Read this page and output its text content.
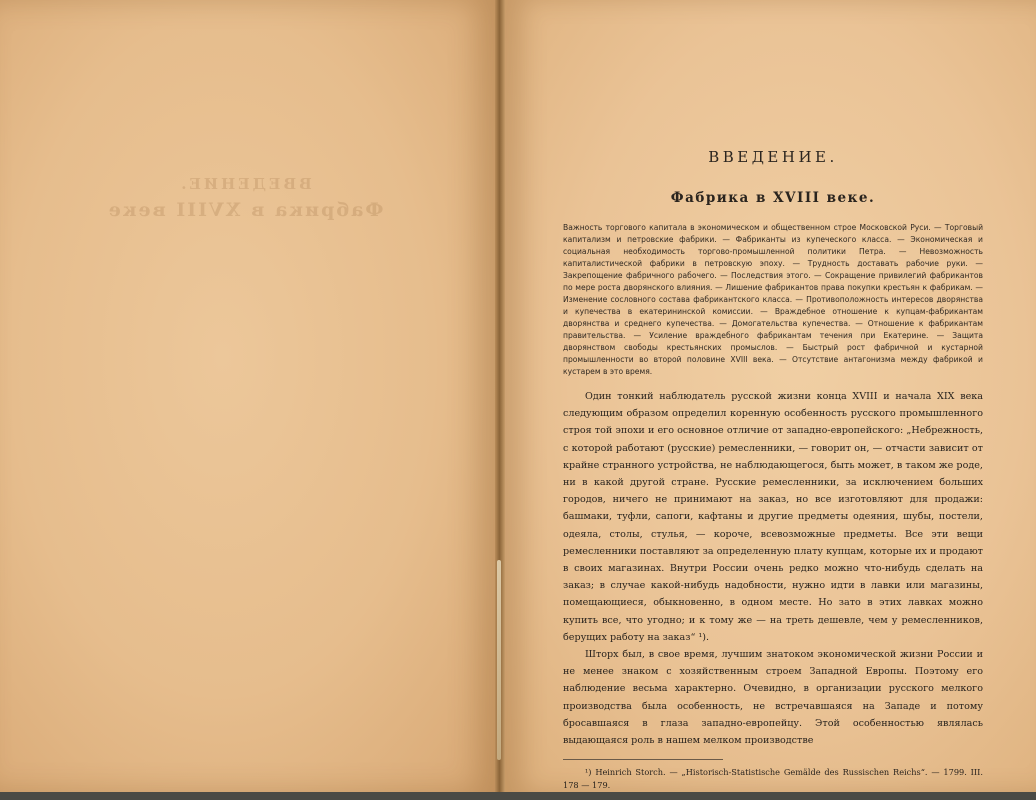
ВВЕДЕНИЕ.
Фабрика в XVIII веке
ВВЕДЕНИЕ.
Фабрика в XVIII веке.

Важность торгового капитала в экономическом и общественном строе Московской Руси. — Торговый капитализм и петровские фабрики. — Фабриканты из купеческого класса. — Экономическая и социальная необходимость торгово-промышленной политики Петра. — Невозможность капиталистической фабрики в петровскую эпоху. — Трудность доставать рабочие руки. — Закрепощение фабричного рабочего. — Последствия этого. — Сокращение привилегий фабрикантов по мере роста дворянского влияния. — Лишение фабрикантов права покупки крестьян к фабрикам. — Изменение сословного состава фабрикантского класса. — Противоположность интересов дворянства и купечества в екатерининской комиссии. — Враждебное отношение к купцам-фабрикантам дворянства и среднего купечества. — Домогательства купечества. — Отношение к фабрикантам правительства. — Усиление враждебного фабрикантам течения при Екатерине. — Защита дворянством свободы крестьянских промыслов. — Быстрый рост фабричной и кустарной промышленности во второй половине XVIII века. — Отсутствие антагонизма между фабрикой и кустарем в это время.

Один тонкий наблюдатель русской жизни конца XVIII и начала XIX века следующим образом определил коренную особенность русского промышленного строя той эпохи и его основное отличие от западно-европейского: „Небрежность, с которой работают (русские) ремесленники, — говорит он, — отчасти зависит от крайне странного устройства, не наблюдающегося, быть может, в таком же роде, ни в какой другой стране. Русские ремесленники, за исключением больших городов, ничего не принимают на заказ, но все изготовляют для продажи: башмаки, туфли, сапоги, кафтаны и другие предметы одеяния, шубы, постели, одеяла, столы, стулья, — короче, всевозможные предметы. Все эти вещи ремесленники поставляют за определенную плату купцам, которые их и продают в своих магазинах. Внутри России очень редко можно что-нибудь сделать на заказ; в случае какой-нибудь надобности, нужно идти в лавки или магазины, помещающиеся, обыкновенно, в одном месте. Но зато в этих лавках можно купить все, что угодно; и к тому же — на треть дешевле, чем у ремесленников, берущих работу на заказ“ ¹).

Шторх был, в свое время, лучшим знатоком экономической жизни России и не менее знаком с хозяйственным строем Западной Европы. Поэтому его наблюдение весьма характерно. Очевидно, в организации русского мелкого производства была особенность, не встречавшаяся на Западе и потому бросавшаяся в глаза западно-европейцу. Этой особенностью являлась выдающаяся роль в нашем мелком производстве

¹) Heinrich Storch. — „Historisch-Statistische Gemälde des Russischen Reichs“. — 1799. III. 178 — 179.
